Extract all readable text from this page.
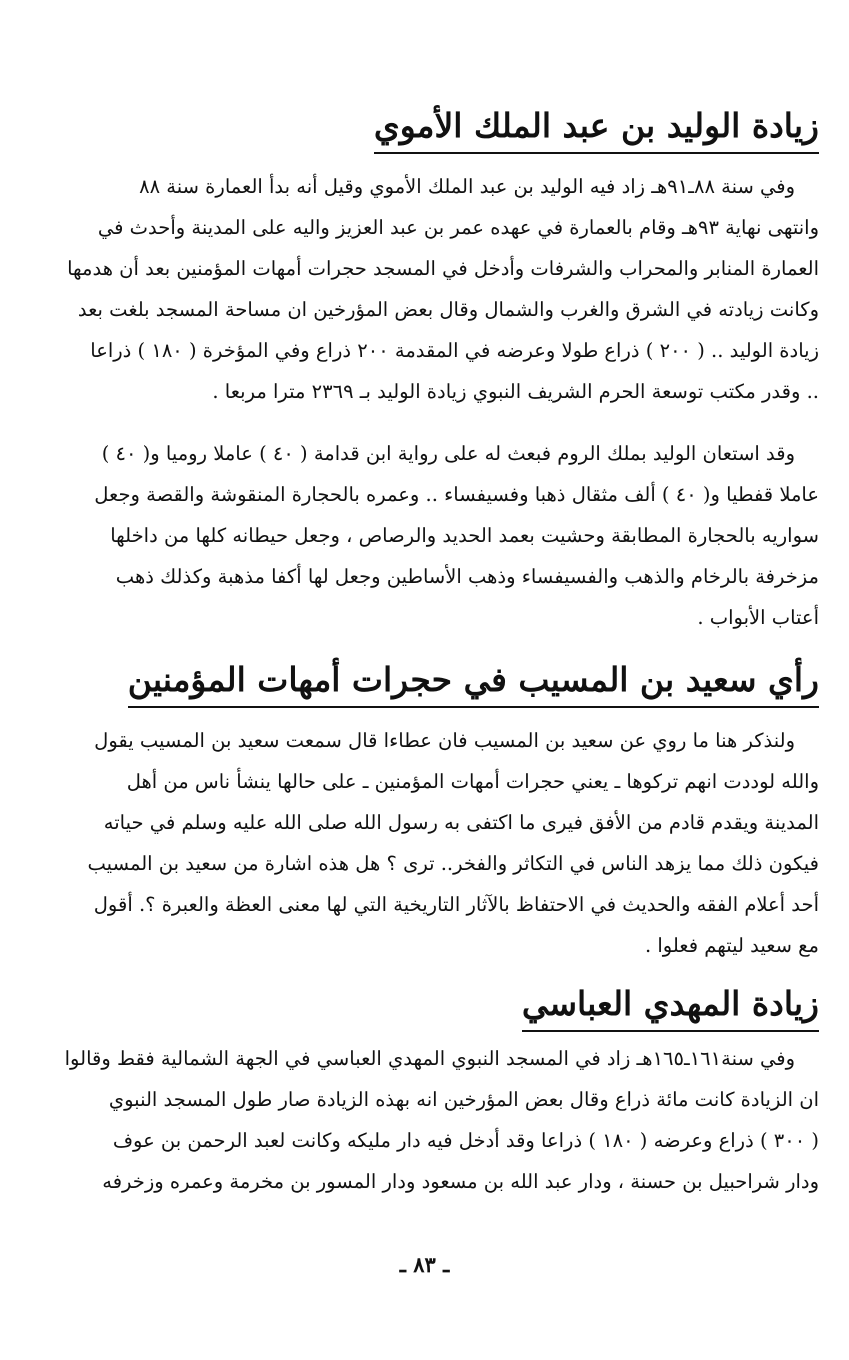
زيادة الوليد بن عبد الملك الأموي
وفي سنة ٨٨ـ٩١هـ زاد فيه الوليد بن عبد الملك الأموي وقيل أنه بدأ العمارة سنة ٨٨
وانتهى نهاية ٩٣هـ وقام بالعمارة في عهده عمر بن عبد العزيز واليه على المدينة وأحدث في
العمارة المنابر والمحراب والشرفات وأدخل في المسجد حجرات أمهات المؤمنين بعد أن هدمها
وكانت زيادته في الشرق والغرب والشمال وقال بعض المؤرخين ان مساحة المسجد بلغت بعد
زيادة الوليد .. ( ٢٠٠ ) ذراع طولا وعرضه في المقدمة ٢٠٠ ذراع وفي المؤخرة ( ١٨٠ ) ذراعا
.. وقدر مكتب توسعة الحرم الشريف النبوي زيادة الوليد بـ ٢٣٦٩ مترا مربعا .
وقد استعان الوليد بملك الروم فبعث له على رواية ابن قدامة ( ٤٠ ) عاملا روميا و( ٤٠ )
عاملا قفطيا و( ٤٠ ) ألف مثقال ذهبا وفسيفساء .. وعمره بالحجارة المنقوشة والقصة وجعل
سواريه بالحجارة المطابقة وحشيت بعمد الحديد والرصاص ، وجعل حيطانه كلها من داخلها
مزخرفة بالرخام والذهب والفسيفساء وذهب الأساطين وجعل لها أكفا مذهبة وكذلك ذهب
أعتاب الأبواب .
رأي سعيد بن المسيب في حجرات أمهات المؤمنين
ولنذكر هنا ما روي عن سعيد بن المسيب فان عطاءا قال سمعت سعيد بن المسيب يقول
والله لوددت انهم تركوها ـ يعني حجرات أمهات المؤمنين ـ على حالها ينشأ ناس من أهل
المدينة ويقدم قادم من الأفق فيرى ما اكتفى به رسول الله صلى الله عليه وسلم في حياته
فيكون ذلك مما يزهد الناس في التكاثر والفخر.. ترى ؟ هل هذه اشارة من سعيد بن المسيب
أحد أعلام الفقه والحديث في الاحتفاظ بالآثار التاريخية التي لها معنى العظة والعبرة ؟. أقول
مع سعيد ليتهم فعلوا .
زيادة المهدي العباسي
وفي سنة١٦١ـ١٦٥هـ زاد في المسجد النبوي المهدي العباسي في الجهة الشمالية فقط وقالوا
ان الزيادة كانت مائة ذراع وقال بعض المؤرخين انه بهذه الزيادة صار طول المسجد النبوي
( ٣٠٠ ) ذراع وعرضه ( ١٨٠ ) ذراعا وقد أدخل فيه دار مليكه وكانت لعبد الرحمن بن عوف
ودار شراحبيل بن حسنة ، ودار عبد الله بن مسعود ودار المسور بن مخرمة وعمره وزخرفه
ـ ٨٣ ـ
